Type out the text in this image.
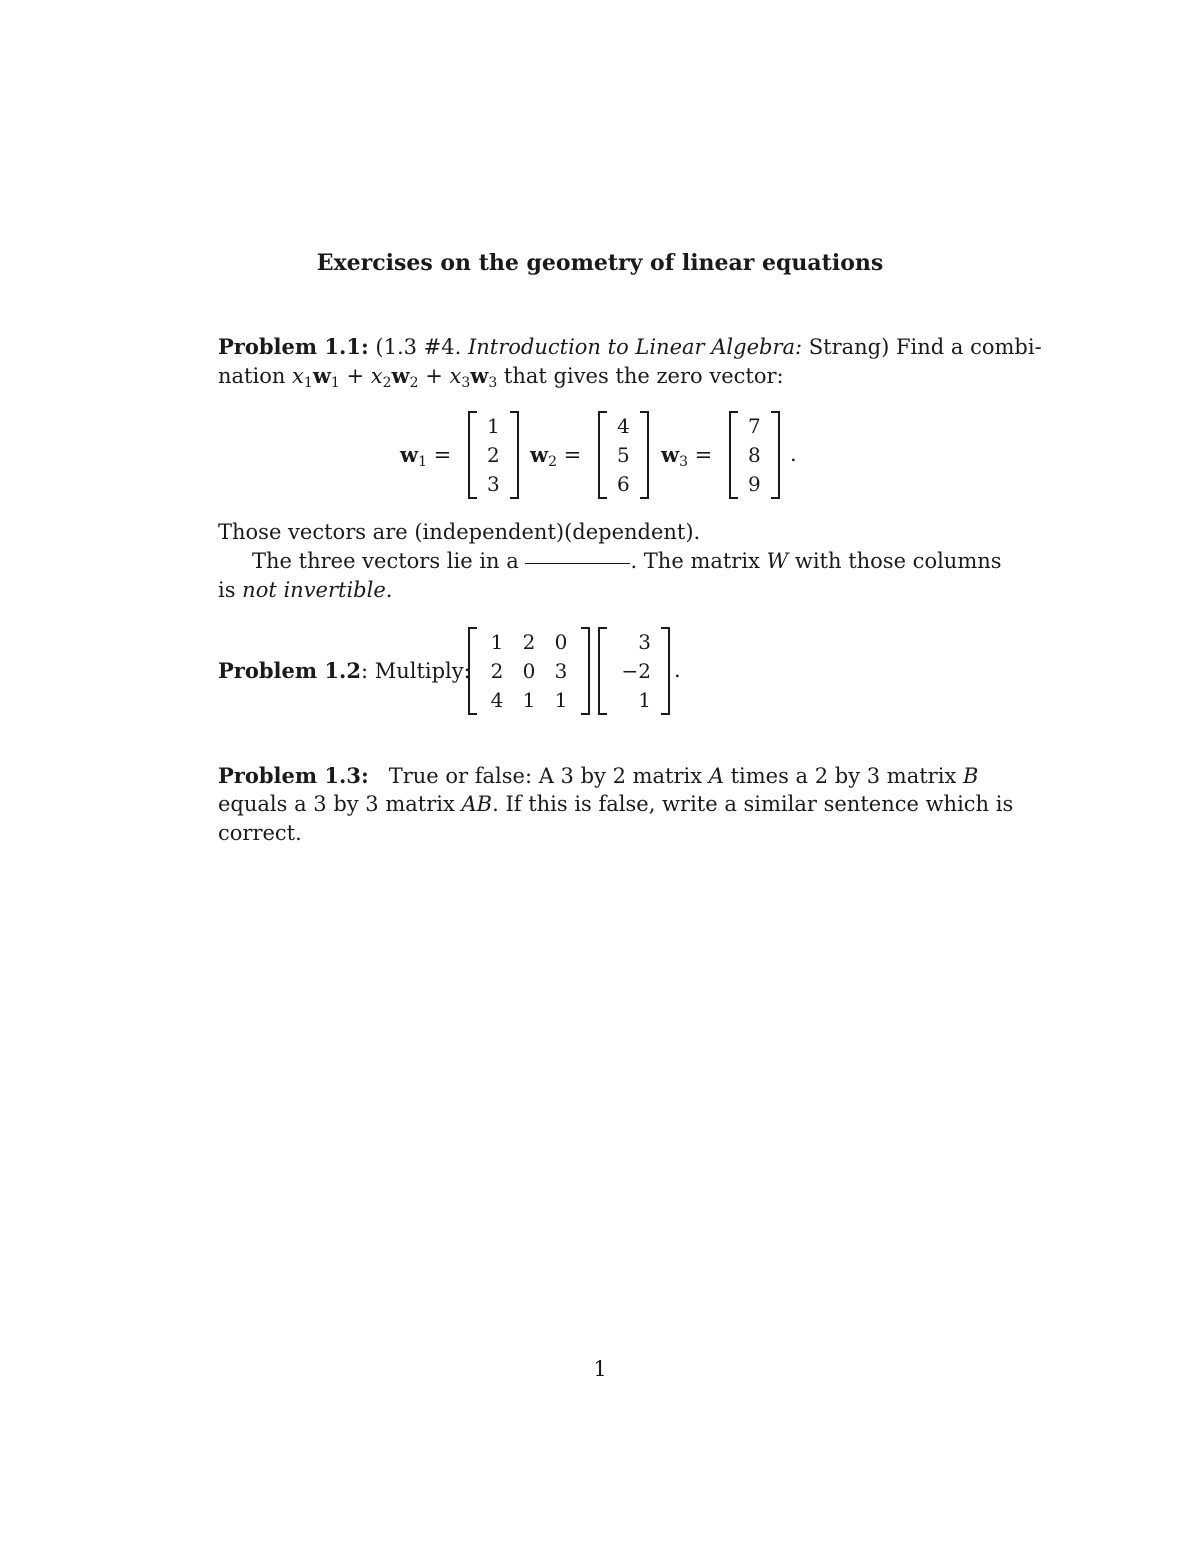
Exercises on the geometry of linear equations
Problem 1.1: (1.3 #4. Introduction to Linear Algebra: Strang) Find a combi-
nation $x_1w_1 + x_2w_2 + x_3w_3$ that gives the zero vector:
$w_1$ =
1
2
3
$w_2$ =
4
5
6
$w_3$ =
7
8
9
.
Those vectors are (independent)(dependent).
The three vectors lie in a	. The matrix W with those columns
is not invertible.
Problem 1.2: Multiply:
1 2 0
2 0 3
4 1 1
3
−2
1
.
Problem 1.3: True or false: A 3 by 2 matrix A times a 2 by 3 matrix B
equals a 3 by 3 matrix AB. If this is false, write a similar sentence which is
correct.
1
